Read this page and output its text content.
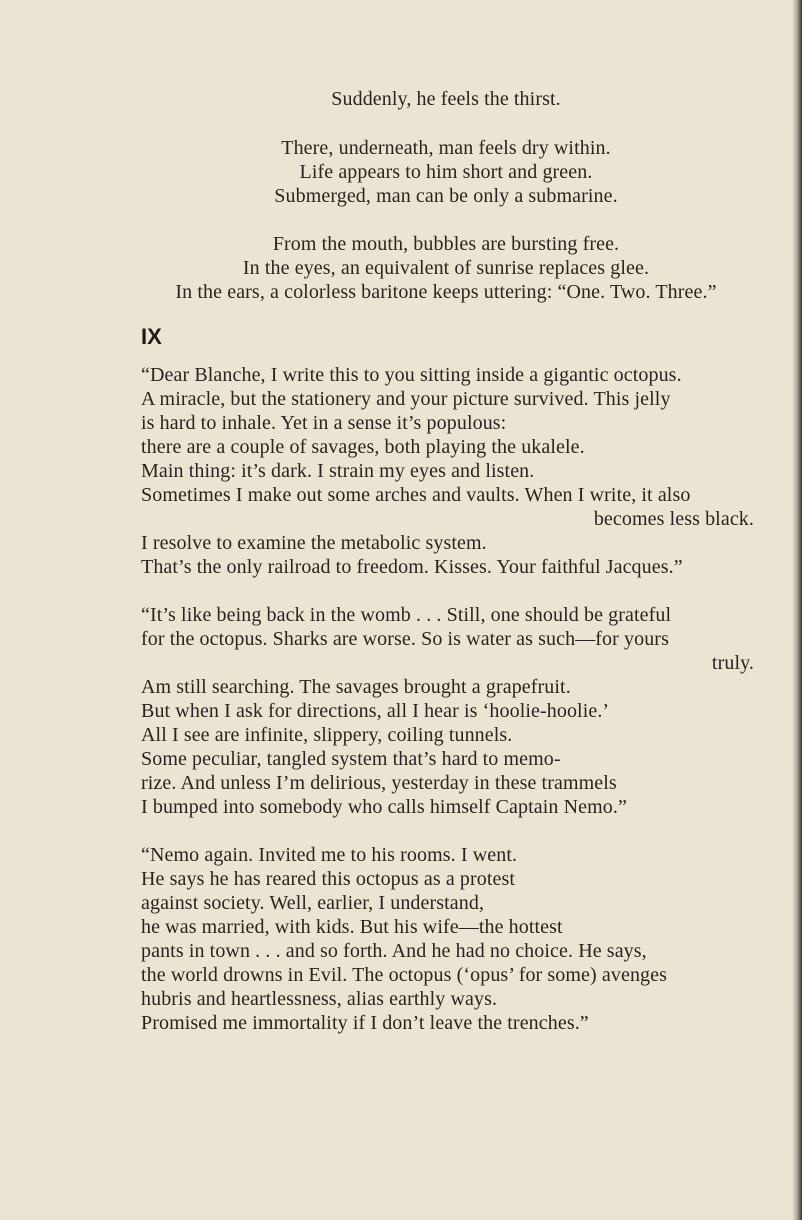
Suddenly, he feels the thirst.
There, underneath, man feels dry within.
Life appears to him short and green.
Submerged, man can be only a submarine.
From the mouth, bubbles are bursting free.
In the eyes, an equivalent of sunrise replaces glee.
In the ears, a colorless baritone keeps uttering: “One. Two. Three.”
IX
“Dear Blanche, I write this to you sitting inside a gigantic octopus.
A miracle, but the stationery and your picture survived. This jelly
is hard to inhale. Yet in a sense it’s populous:
there are a couple of savages, both playing the ukalele.
Main thing: it’s dark. I strain my eyes and listen.
Sometimes I make out some arches and vaults. When I write, it also
becomes less black.
I resolve to examine the metabolic system.
That’s the only railroad to freedom. Kisses. Your faithful Jacques.”
“It’s like being back in the womb . . . Still, one should be grateful
for the octopus. Sharks are worse. So is water as such—for yours
truly.
Am still searching. The savages brought a grapefruit.
But when I ask for directions, all I hear is ‘hoolie-hoolie.’
All I see are infinite, slippery, coiling tunnels.
Some peculiar, tangled system that’s hard to memo-
rize. And unless I’m delirious, yesterday in these trammels
I bumped into somebody who calls himself Captain Nemo.”
“Nemo again. Invited me to his rooms. I went.
He says he has reared this octopus as a protest
against society. Well, earlier, I understand,
he was married, with kids. But his wife—the hottest
pants in town . . . and so forth. And he had no choice. He says,
the world drowns in Evil. The octopus (‘opus’ for some) avenges
hubris and heartlessness, alias earthly ways.
Promised me immortality if I don’t leave the trenches.”
